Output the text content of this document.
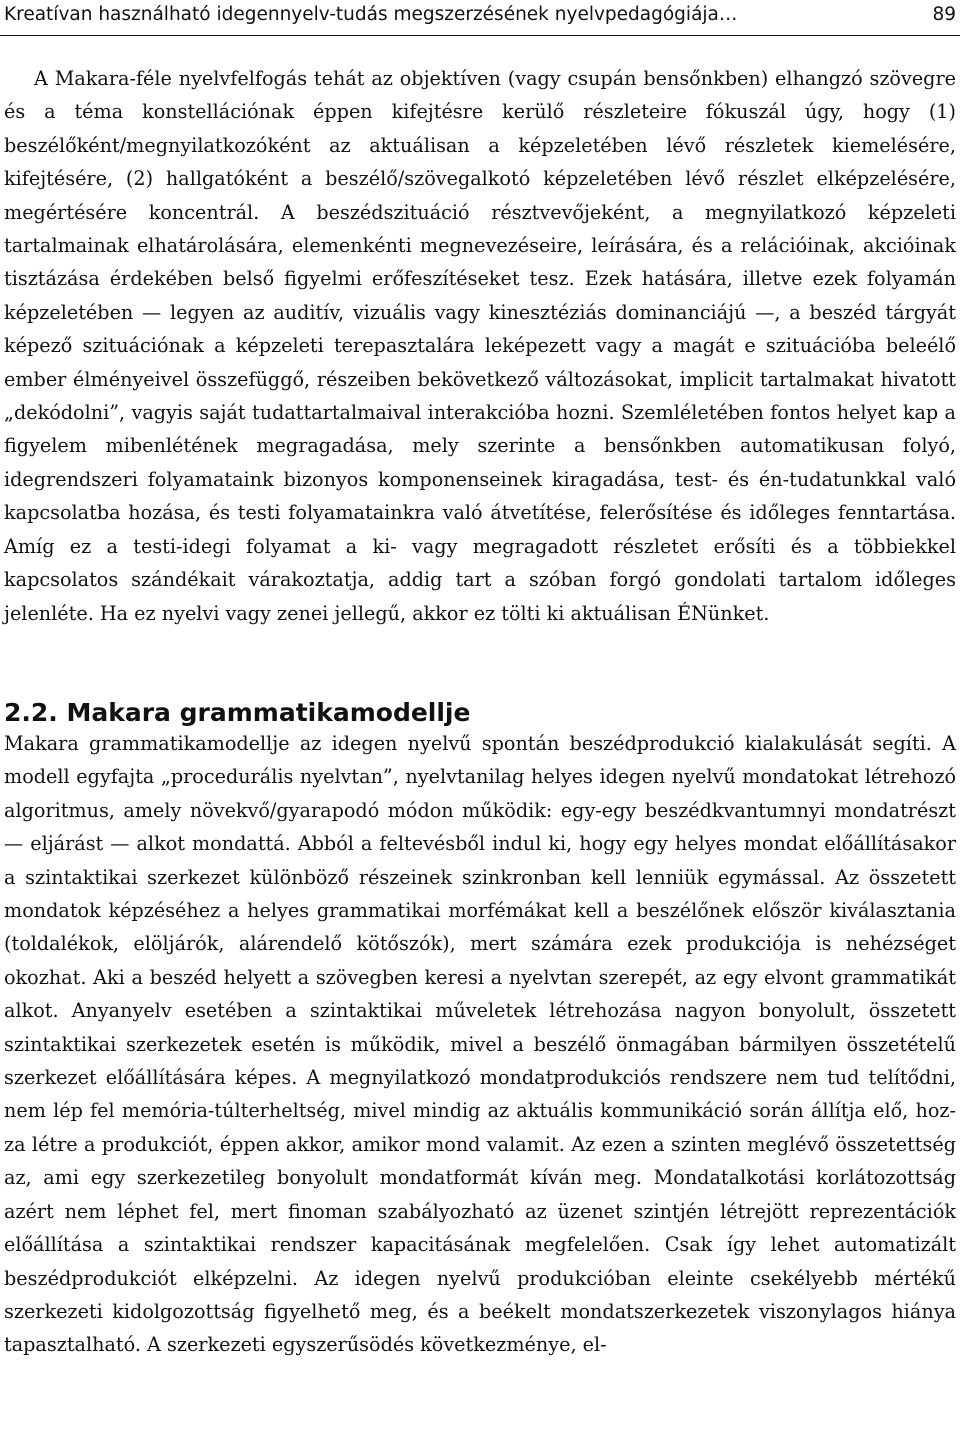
Kreatívan használható idegennyelv-tudás megszerzésének nyelvpedagógiája…	89

A Makara-féle nyelvfelfogás tehát az objektíven (vagy csupán bensőnkben) elhangzó szövegre és a téma konstellációnak éppen kifejtésre kerülő részleteire fókuszál úgy, hogy (1) beszélőként/megnyilatkozóként az aktuálisan a képzeletében lévő részletek kiemelésére, kifejtésére, (2) hallgatóként a beszélő/szövegalkotó képzeletében lévő részlet elképzelésére, megértésére koncentrál. A beszédszituáció résztvevőjeként, a megnyilatkozó képzeleti tartalmainak elhatárolására, elemenkénti megnevezéseire, leírására, és a relációinak, akcióinak tisztázása érdekében belső figyelmi erőfeszítéseket tesz. Ezek hatására, illetve ezek folyamán képzeletében — legyen az auditív, vizuális vagy kinesztéziás dominanciájú —, a beszéd tárgyát képező szituációnak a képzeleti terepasztalára leképezett vagy a magát e szituációba beleélő ember élményeivel összefüggő, részeiben bekövetkező változásokat, implicit tartalmakat hivatott „dekódolni”, vagyis saját tudattartalmaival interakcióba hozni. Szemléletében fontos helyet kap a figyelem mibenlétének megragadása, mely szerinte a bensőnkben automatikusan folyó, idegrendszeri folyamataink bizonyos komponenseinek kiragadása, test- és én-tudatunkkal való kapcsolatba hozása, és testi folyamatainkra való átvetítése, felerősítése és időleges fenntartása. Amíg ez a testi-idegi folyamat a ki- vagy megragadott részletet erősíti és a többiekkel kapcsolatos szándékait várakoztatja, addig tart a szóban forgó gondolati tartalom időleges jelenléte. Ha ez nyelvi vagy zenei jellegű, akkor ez tölti ki aktuálisan ÉNünket.

2.2. Makara grammatikamodellje

Makara grammatikamodellje az idegen nyelvű spontán beszédprodukció kialakulását segíti. A modell egyfajta „procedurális nyelvtan”, nyelvtanilag helyes idegen nyelvű mondatokat létrehozó algoritmus, amely növekvő/gyarapodó módon működik: egy-egy beszédkvantumnyi mondatrészt — eljárást — alkot mondattá. Abból a feltevésből indul ki, hogy egy helyes mondat előállításakor a szintaktikai szerkezet különböző részeinek szinkronban kell lenniük egymással. Az összetett mondatok képzéséhez a helyes grammatikai morfémákat kell a beszélőnek először kiválasztania (toldalékok, elöljárók, alárendelő kötőszók), mert számára ezek produkciója is nehézséget okozhat. Aki a beszéd helyett a szövegben keresi a nyelvtan szerepét, az egy elvont grammatikát alkot. Anyanyelv esetében a szintaktikai műveletek létrehozása nagyon bonyolult, összetett szintaktikai szerkezetek esetén is működik, mivel a beszélő önmagában bármilyen összetételű szerkezet előállítására képes. A megnyilatkozó mondatprodukciós rendszere nem tud telítődni, nem lép fel memória-túlterheltség, mivel mindig az aktuális kommunikáció során állítja elő, hozza létre a produkciót, éppen akkor, amikor mond valamit. Az ezen a szinten meglévő összetettség az, ami egy szerkezetileg bonyolult mondatformát kíván meg. Mondatalkotási korlátozottság azért nem léphet fel, mert finoman szabályozható az üzenet szintjén létrejött reprezentációk előállítása a szintaktikai rendszer kapacitásának megfelelően. Csak így lehet automatizált beszédprodukciót elképzelni. Az idegen nyelvű produkcióban eleinte csekélyebb mértékű szerkezeti kidolgozottság figyelhető meg, és a beékelt mondatszerkezetek viszonylagos hiánya tapasztalható. A szerkezeti egyszerűsödés következménye, el-
